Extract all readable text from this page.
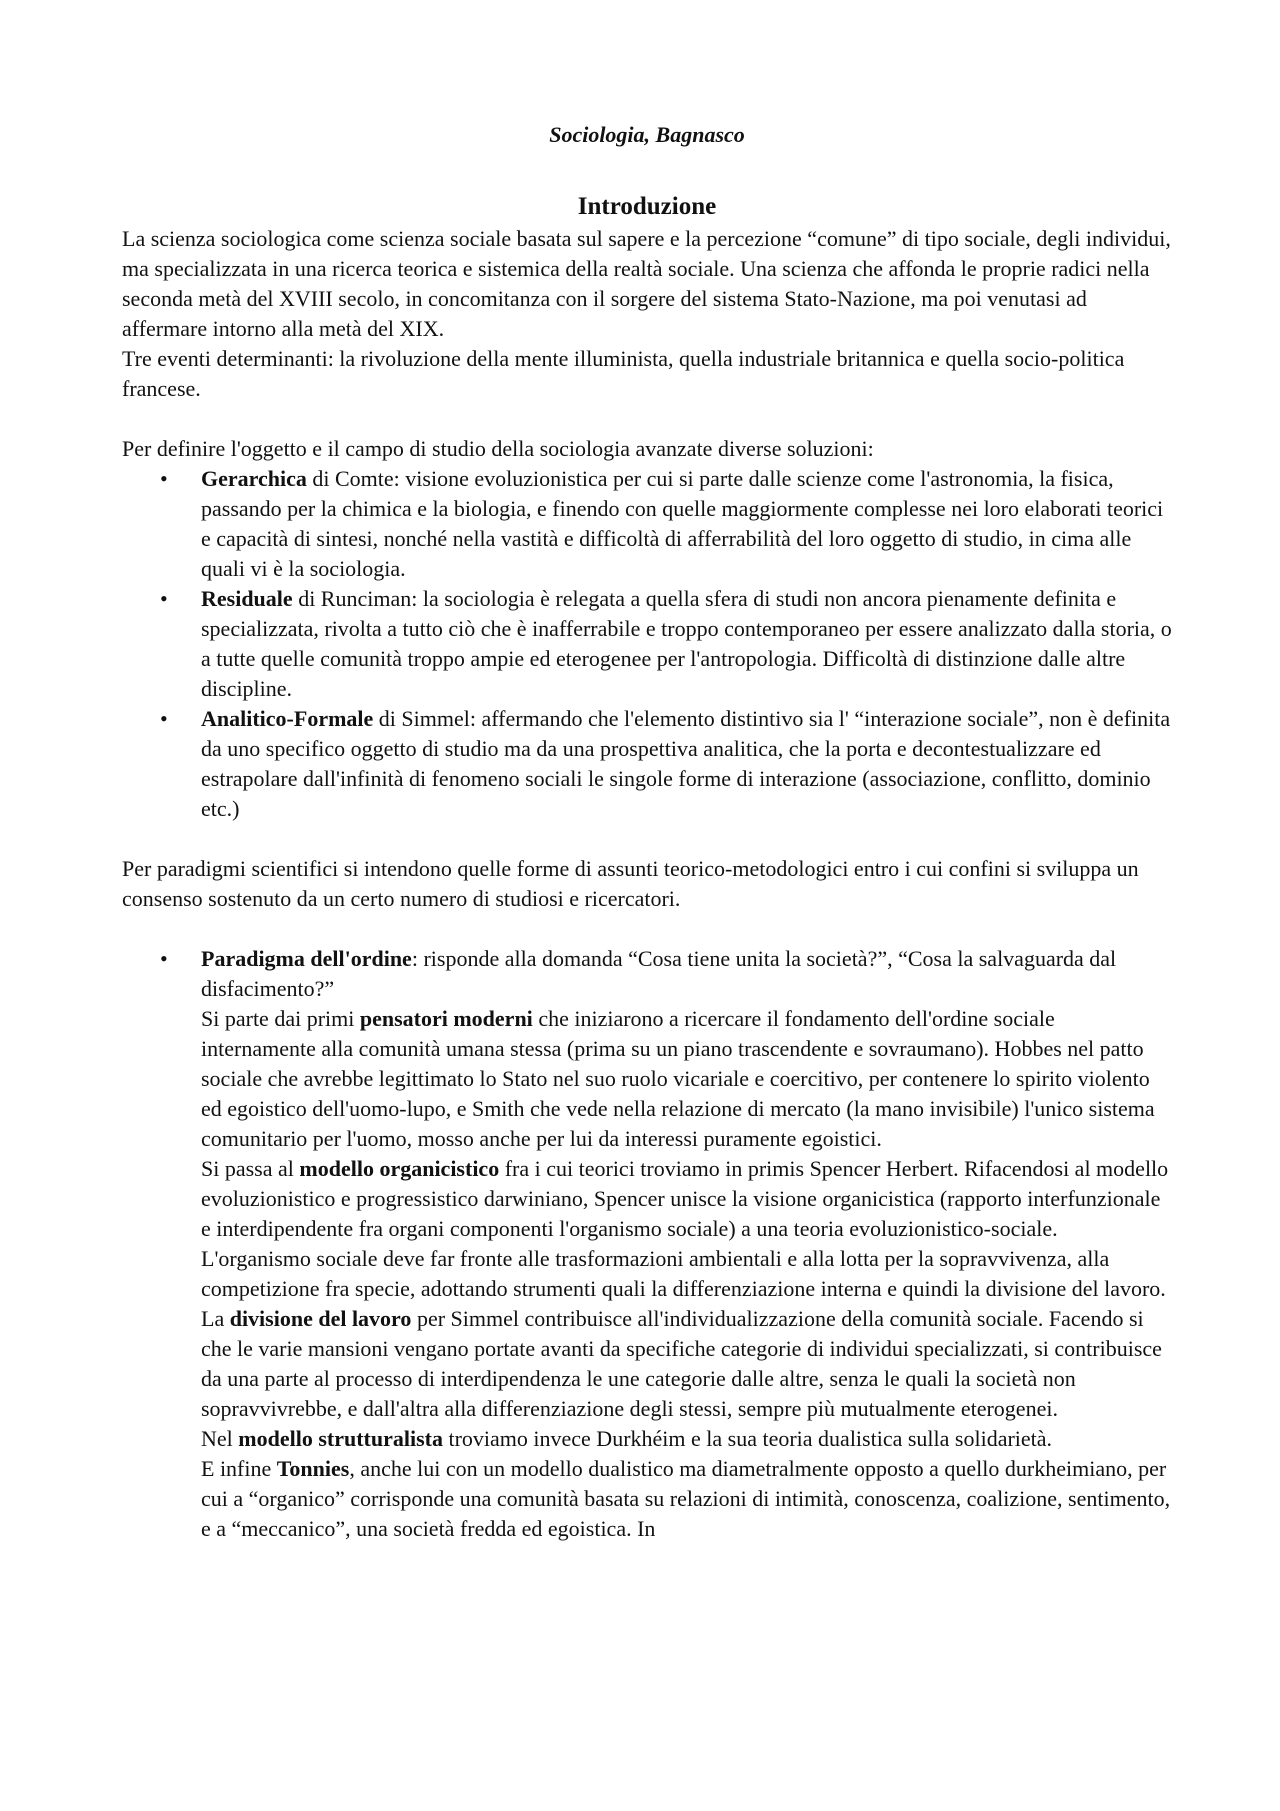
Sociologia, Bagnasco

Introduzione

La scienza sociologica come scienza sociale basata sul sapere e la percezione “comune” di tipo sociale, degli individui, ma specializzata in una ricerca teorica e sistemica della realtà sociale. Una scienza che affonda le proprie radici nella seconda metà del XVIII secolo, in concomitanza con il sorgere del sistema Stato-Nazione, ma poi venutasi ad affermare intorno alla metà del XIX.

Tre eventi determinanti: la rivoluzione della mente illuminista, quella industriale britannica e quella socio-politica francese.

Per definire l'oggetto e il campo di studio della sociologia avanzate diverse soluzioni:

• Gerarchica di Comte: visione evoluzionistica per cui si parte dalle scienze come l'astronomia, la fisica, passando per la chimica e la biologia, e finendo con quelle maggiormente complesse nei loro elaborati teorici e capacità di sintesi, nonché nella vastità e difficoltà di afferrabilità del loro oggetto di studio, in cima alle quali vi è la sociologia.
• Residuale di Runciman: la sociologia è relegata a quella sfera di studi non ancora pienamente definita e specializzata, rivolta a tutto ciò che è inafferrabile e troppo contemporaneo per essere analizzato dalla storia, o a tutte quelle comunità troppo ampie ed eterogenee per l'antropologia. Difficoltà di distinzione dalle altre discipline.
• Analitico-Formale di Simmel: affermando che l'elemento distintivo sia l' “interazione sociale”, non è definita da uno specifico oggetto di studio ma da una prospettiva analitica, che la porta e decontestualizzare ed estrapolare dall'infinità di fenomeno sociali le singole forme di interazione (associazione, conflitto, dominio etc.)

Per paradigmi scientifici si intendono quelle forme di assunti teorico-metodologici entro i cui confini si sviluppa un consenso sostenuto da un certo numero di studiosi e ricercatori.

• Paradigma dell'ordine: risponde alla domanda “Cosa tiene unita la società?”, “Cosa la salvaguarda dal disfacimento?”

Si parte dai primi pensatori moderni che iniziarono a ricercare il fondamento dell'ordine sociale internamente alla comunità umana stessa (prima su un piano trascendente e sovraumano). Hobbes nel patto sociale che avrebbe legittimato lo Stato nel suo ruolo vicariale e coercitivo, per contenere lo spirito violento ed egoistico dell'uomo-lupo, e Smith che vede nella relazione di mercato (la mano invisibile) l'unico sistema comunitario per l'uomo, mosso anche per lui da interessi puramente egoistici.

Si passa al modello organicistico fra i cui teorici troviamo in primis Spencer Herbert. Rifacendosi al modello evoluzionistico e progressistico darwiniano, Spencer unisce la visione organicistica (rapporto interfunzionale e interdipendente fra organi componenti l'organismo sociale) a una teoria evoluzionistico-sociale. L'organismo sociale deve far fronte alle trasformazioni ambientali e alla lotta per la sopravvivenza, alla competizione fra specie, adottando strumenti quali la differenziazione interna e quindi la divisione del lavoro.

La divisione del lavoro per Simmel contribuisce all'individualizzazione della comunità sociale. Facendo si che le varie mansioni vengano portate avanti da specifiche categorie di individui specializzati, si contribuisce da una parte al processo di interdipendenza le une categorie dalle altre, senza le quali la società non sopravvivrebbe, e dall'altra alla differenziazione degli stessi, sempre più mutualmente eterogenei.

Nel modello strutturalista troviamo invece Durkhéim e la sua teoria dualistica sulla solidarietà.

E infine Tonnies, anche lui con un modello dualistico ma diametralmente opposto a quello durkheimiano, per cui a “organico” corrisponde una comunità basata su relazioni di intimità, conoscenza, coalizione, sentimento, e a “meccanico”, una società fredda ed egoistica. In
